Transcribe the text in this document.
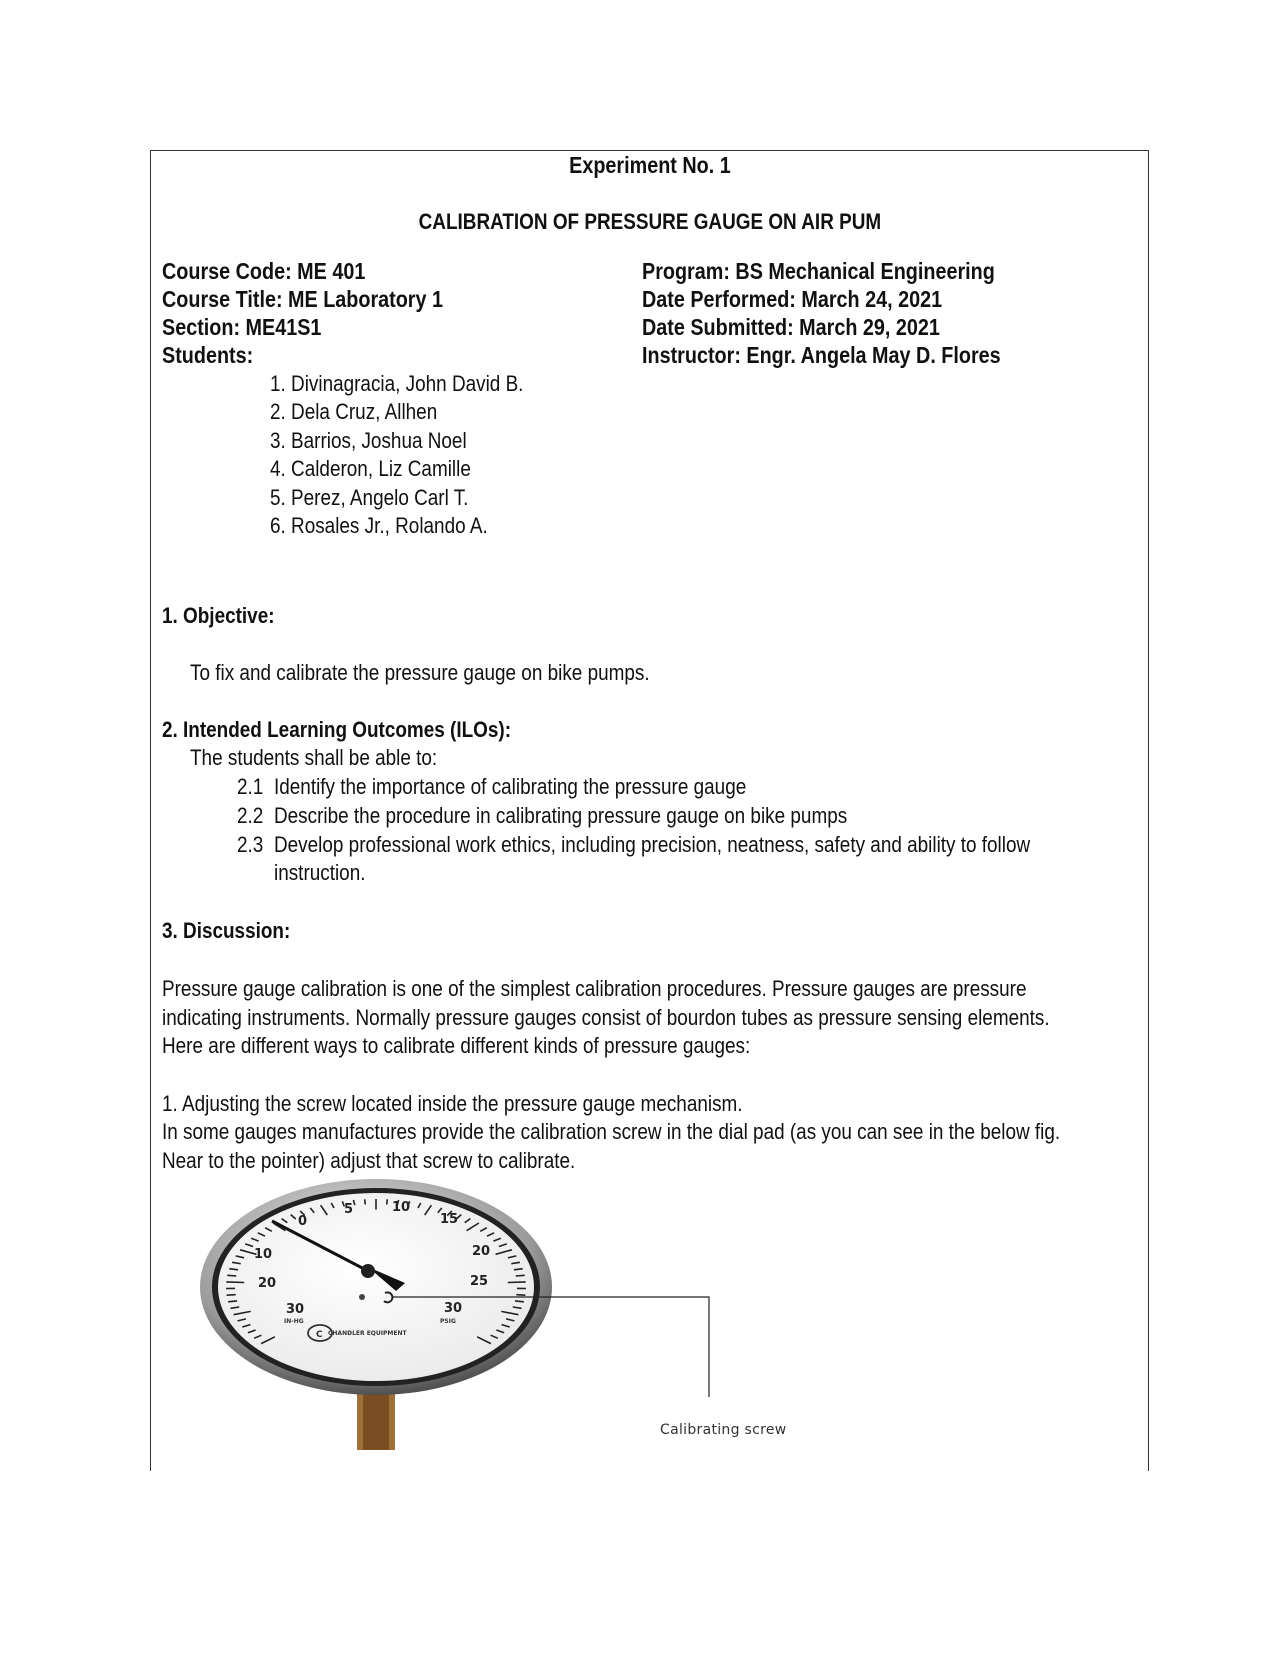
Experiment No. 1
CALIBRATION OF PRESSURE GAUGE ON AIR PUM
Course Code: ME 401
Course Title: ME Laboratory 1
Section: ME41S1
Students:
Program: BS Mechanical Engineering
Date Performed: March 24, 2021
Date Submitted: March 29, 2021
Instructor: Engr. Angela May D. Flores
1. Divinagracia, John David B.
2. Dela Cruz, Allhen
3. Barrios, Joshua Noel
4. Calderon, Liz Camille
5. Perez, Angelo Carl T.
6. Rosales Jr., Rolando A.
1. Objective:
To fix and calibrate the pressure gauge on bike pumps.
2. Intended Learning Outcomes (ILOs):
The students shall be able to:
2.1 Identify the importance of calibrating the pressure gauge
2.2 Describe the procedure in calibrating pressure gauge on bike pumps
2.3 Develop professional work ethics, including precision, neatness, safety and ability to follow
instruction.
3. Discussion:
Pressure gauge calibration is one of the simplest calibration procedures. Pressure gauges are pressure
indicating instruments. Normally pressure gauges consist of bourdon tubes as pressure sensing elements.
Here are different ways to calibrate different kinds of pressure gauges:
1. Adjusting the screw located inside the pressure gauge mechanism.
In some gauges manufactures provide the calibration screw in the dial pad (as you can see in the below fig.
Near to the pointer) adjust that screw to calibrate.
0
5	10
15
20
25
30
10
20
30
IN-HG	PSIG
CHANDLER EQUIPMENT
C
Calibrating screw
